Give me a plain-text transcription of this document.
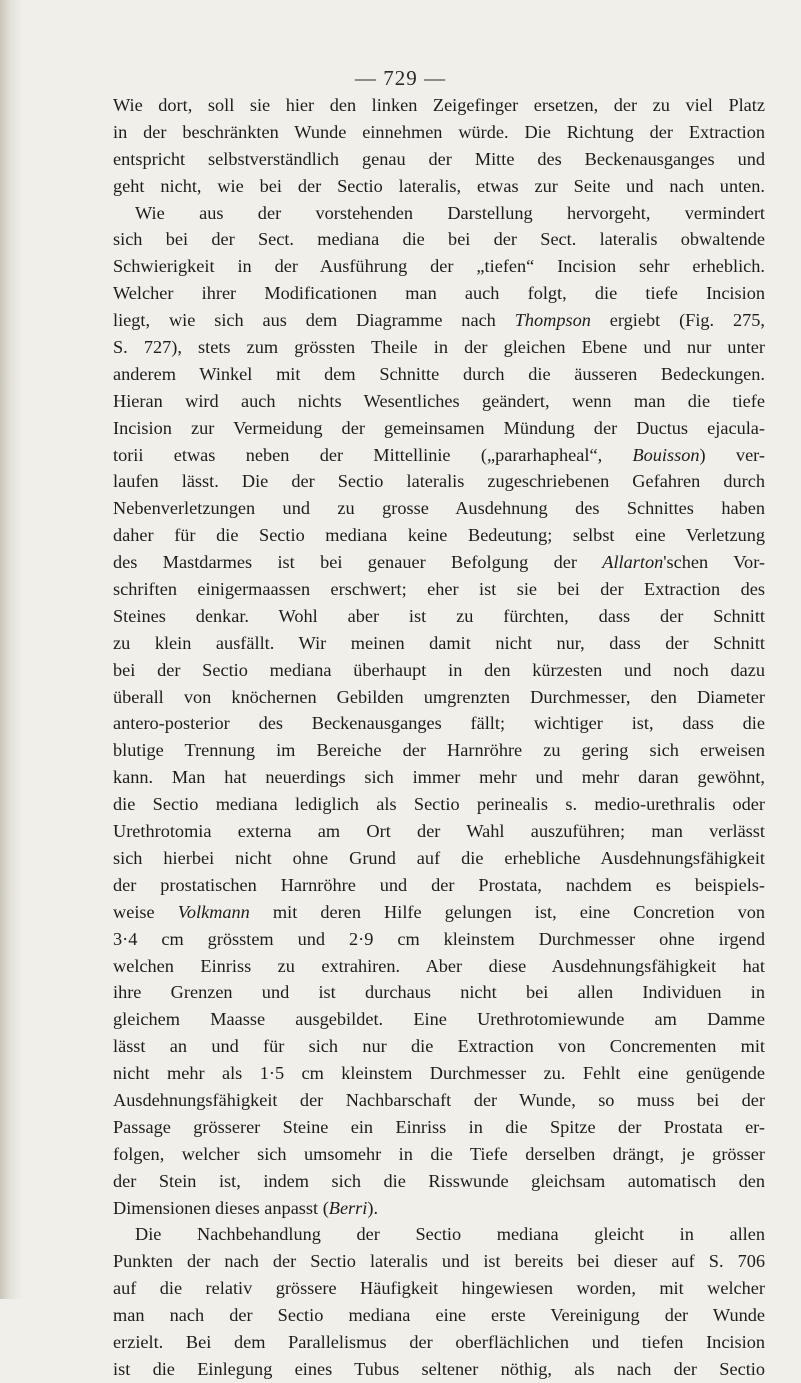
— 729 —
Wie dort, soll sie hier den linken Zeigefinger ersetzen, der zu viel Platz
in der beschränkten Wunde einnehmen würde. Die Richtung der Extraction
entspricht selbstverständlich genau der Mitte des Beckenausganges und
geht nicht, wie bei der Sectio lateralis, etwas zur Seite und nach unten.
Wie aus der vorstehenden Darstellung hervorgeht, vermindert
sich bei der Sect. mediana die bei der Sect. lateralis obwaltende
Schwierigkeit in der Ausführung der „tiefen“ Incision sehr erheblich.
Welcher ihrer Modificationen man auch folgt, die tiefe Incision
liegt, wie sich aus dem Diagramme nach Thompson ergiebt (Fig. 275,
S. 727), stets zum grössten Theile in der gleichen Ebene und nur unter
anderem Winkel mit dem Schnitte durch die äusseren Bedeckungen.
Hieran wird auch nichts Wesentliches geändert, wenn man die tiefe
Incision zur Vermeidung der gemeinsamen Mündung der Ductus ejacula-
torii etwas neben der Mittellinie („pararhapheal“, Bouisson) ver-
laufen lässt. Die der Sectio lateralis zugeschriebenen Gefahren durch
Nebenverletzungen und zu grosse Ausdehnung des Schnittes haben
daher für die Sectio mediana keine Bedeutung; selbst eine Verletzung
des Mastdarmes ist bei genauer Befolgung der Allarton'schen Vor-
schriften einigermaassen erschwert; eher ist sie bei der Extraction des
Steines denkar. Wohl aber ist zu fürchten, dass der Schnitt
zu klein ausfällt. Wir meinen damit nicht nur, dass der Schnitt
bei der Sectio mediana überhaupt in den kürzesten und noch dazu
überall von knöchernen Gebilden umgrenzten Durchmesser, den Diameter
antero-posterior des Beckenausganges fällt; wichtiger ist, dass die
blutige Trennung im Bereiche der Harnröhre zu gering sich erweisen
kann. Man hat neuerdings sich immer mehr und mehr daran gewöhnt,
die Sectio mediana lediglich als Sectio perinealis s. medio-urethralis oder
Urethrotomia externa am Ort der Wahl auszuführen; man verlässt
sich hierbei nicht ohne Grund auf die erhebliche Ausdehnungsfähigkeit
der prostatischen Harnröhre und der Prostata, nachdem es beispiels-
weise Volkmann mit deren Hilfe gelungen ist, eine Concretion von
3·4 cm grösstem und 2·9 cm kleinstem Durchmesser ohne irgend
welchen Einriss zu extrahiren. Aber diese Ausdehnungsfähigkeit hat
ihre Grenzen und ist durchaus nicht bei allen Individuen in
gleichem Maasse ausgebildet. Eine Urethrotomiewunde am Damme
lässt an und für sich nur die Extraction von Concrementen mit
nicht mehr als 1·5 cm kleinstem Durchmesser zu. Fehlt eine genügende
Ausdehnungsfähigkeit der Nachbarschaft der Wunde, so muss bei der
Passage grösserer Steine ein Einriss in die Spitze der Prostata er-
folgen, welcher sich umsomehr in die Tiefe derselben drängt, je grösser
der Stein ist, indem sich die Risswunde gleichsam automatisch den
Dimensionen dieses anpasst (Berri).
Die Nachbehandlung der Sectio mediana gleicht in allen
Punkten der nach der Sectio lateralis und ist bereits bei dieser auf S. 706
auf die relativ grössere Häufigkeit hingewiesen worden, mit welcher
man nach der Sectio mediana eine erste Vereinigung der Wunde
erzielt. Bei dem Parallelismus der oberflächlichen und tiefen Incision
ist die Einlegung eines Tubus seltener nöthig, als nach der Sectio
